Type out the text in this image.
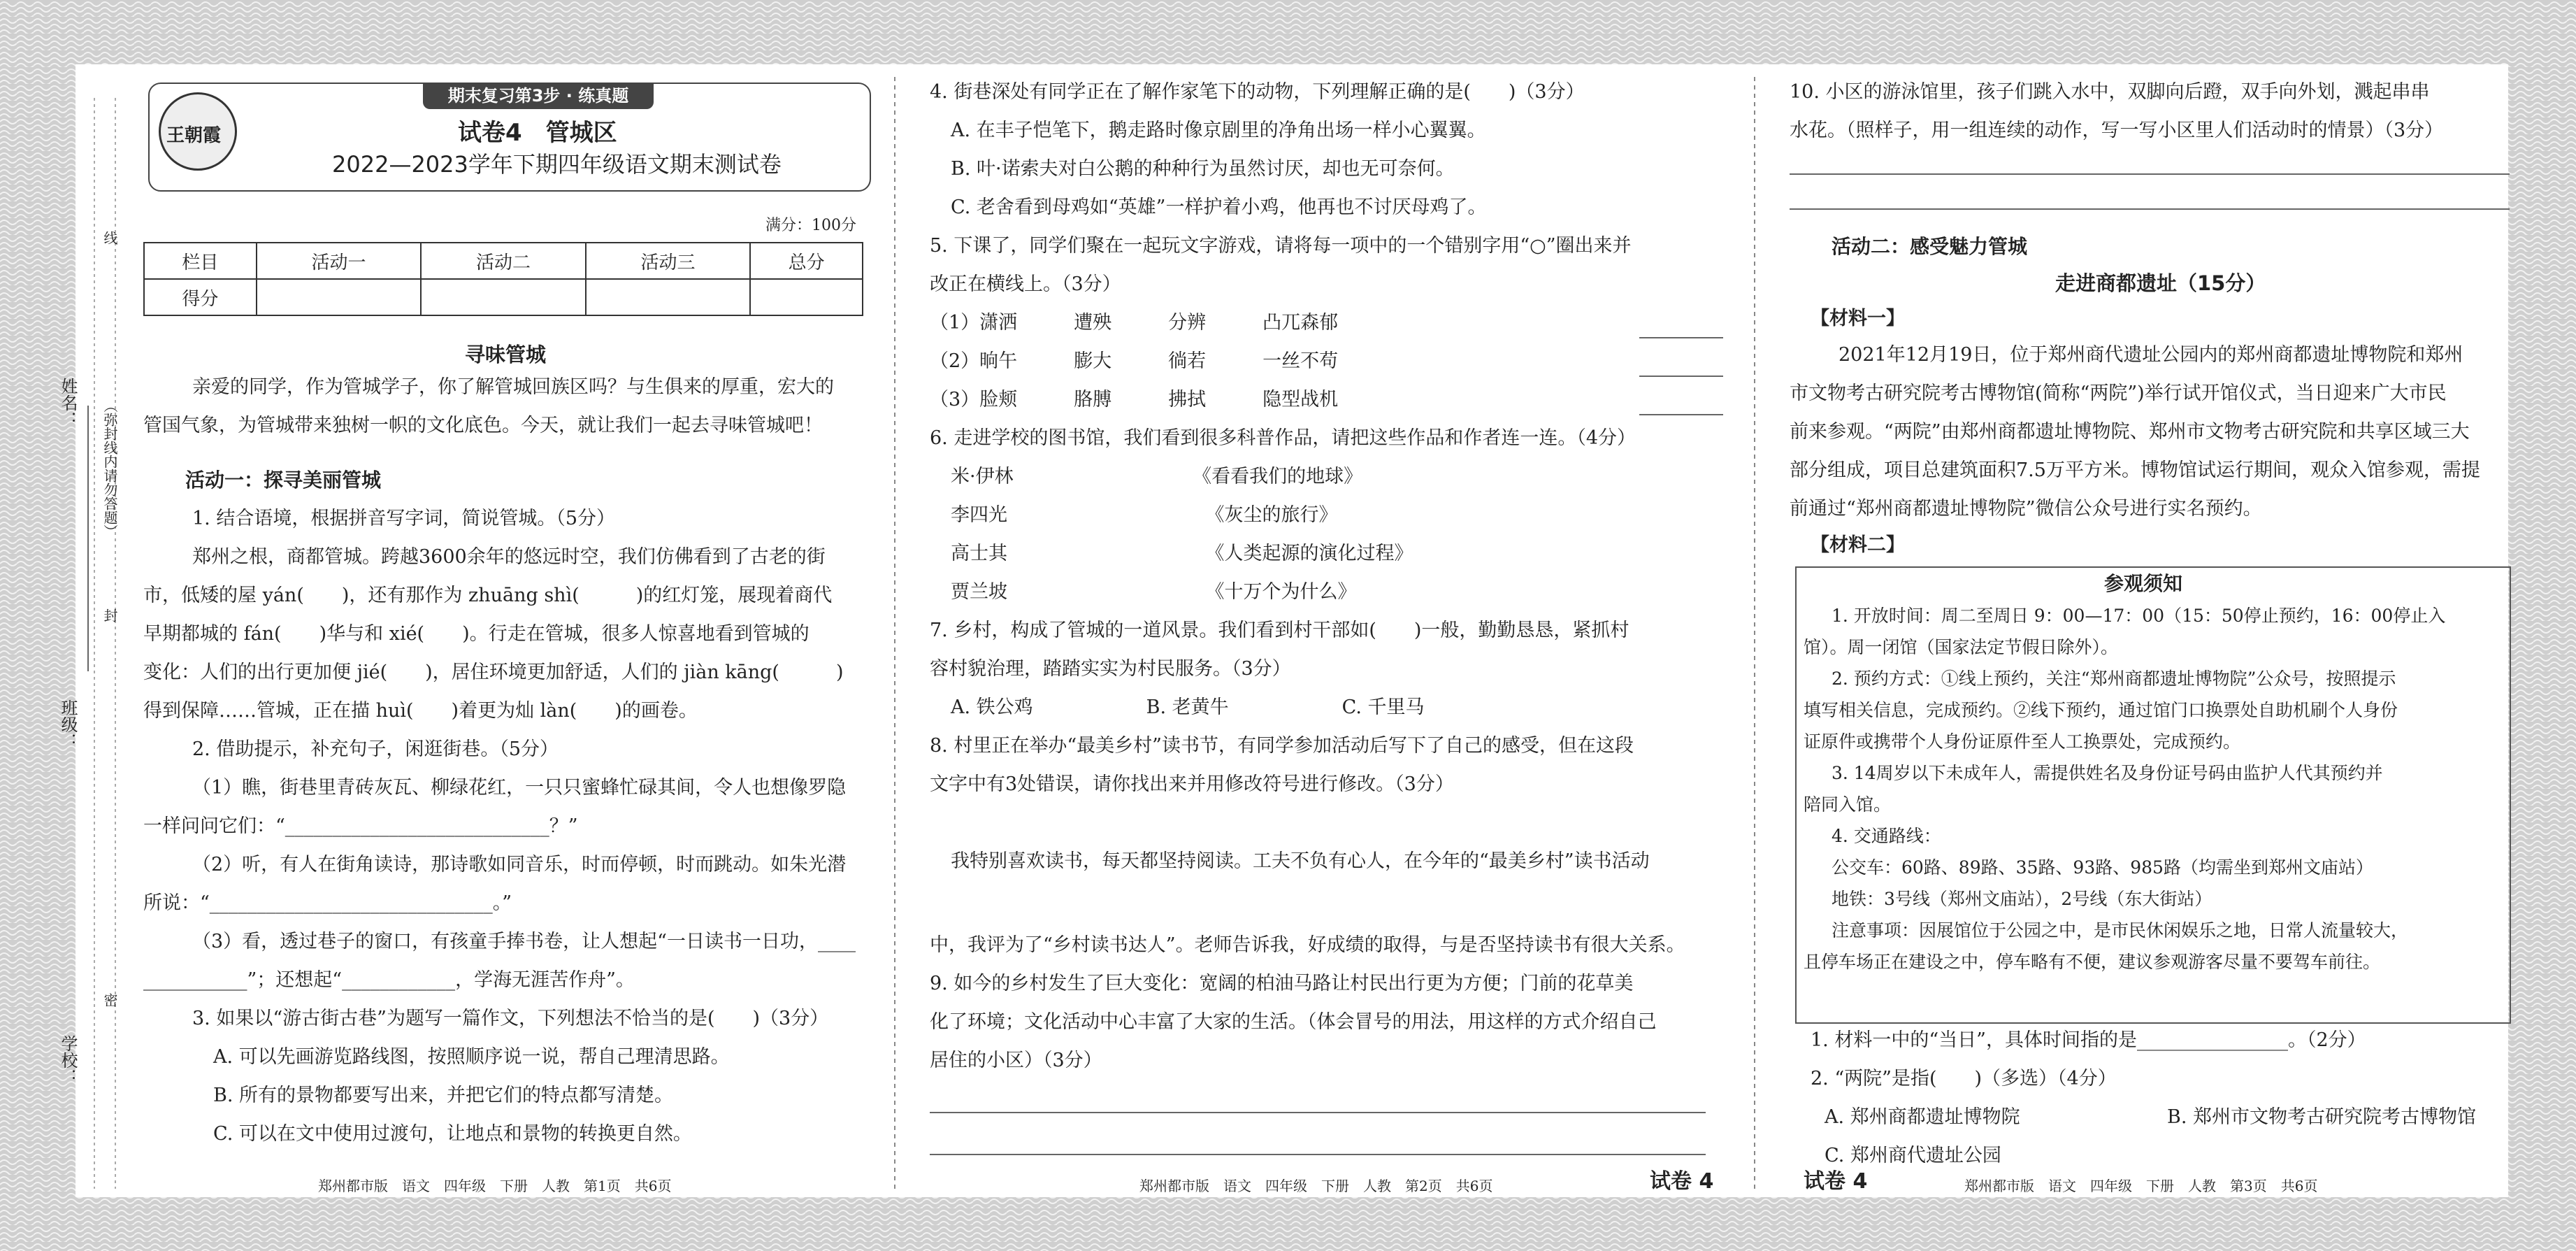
姓名：
班级：
学校：
线
（弥封线内请勿答题）
封
密
期末复习第3步 · 练真题
王朝霞	试卷4　管城区
2022—2023学年下期四年级语文期末测试卷
满分：100分
栏目	活动一	活动二	活动三	总分
得分				
寻味管城
亲爱的同学，作为管城学子，你了解管城回族区吗？与生俱来的厚重，宏大的
管国气象，为管城带来独树一帜的文化底色。今天，就让我们一起去寻味管城吧！
活动一：探寻美丽管城
1. 结合语境，根据拼音写字词，简说管城。（5分）
郑州之根，商都管城。跨越3600余年的悠远时空，我们仿佛看到了古老的街
市，低矮的屋 yán(　　)，还有那作为 zhuāng shì(　　　)的红灯笼，展现着商代
早期都城的 fán(　　)华与和 xié(　　)。行走在管城，很多人惊喜地看到管城的
变化：人们的出行更加便 jié(　　)，居住环境更加舒适，人们的 jiàn kāng(　　　)
得到保障……管城，正在描 huì(　　)着更为灿 làn(　　)的画卷。
2. 借助提示，补充句子，闲逛街巷。（5分）
（1）瞧，街巷里青砖灰瓦、柳绿花红，一只只蜜蜂忙碌其间，令人也想像罗隐
一样问问它们：“____________________________？”
（2）听，有人在街角读诗，那诗歌如同音乐，时而停顿，时而跳动。如朱光潜
所说：“______________________________。”
（3）看，透过巷子的窗口，有孩童手捧书卷，让人想起“一日读书一日功，____
___________”；还想起“____________，学海无涯苦作舟”。
3. 如果以“游古街古巷”为题写一篇作文，下列想法不恰当的是(　　)（3分）
A. 可以先画游览路线图，按照顺序说一说，帮自己理清思路。
B. 所有的景物都要写出来，并把它们的特点都写清楚。
C. 可以在文中使用过渡句，让地点和景物的转换更自然。
郑州都市版　语文　四年级　下册　人教　第1页　共6页
4. 街巷深处有同学正在了解作家笔下的动物，下列理解正确的是(　　)（3分）
A. 在丰子恺笔下，鹅走路时像京剧里的净角出场一样小心翼翼。
B. 叶·诺索夫对白公鹅的种种行为虽然讨厌，却也无可奈何。
C. 老舍看到母鸡如“英雄”一样护着小鸡，他再也不讨厌母鸡了。
5. 下课了，同学们聚在一起玩文字游戏，请将每一项中的一个错别字用“○”圈出来并
改正在横线上。（3分）
（1）潇洒　　　遭殃　　　分辨　　　凸兀森郁
（2）晌午　　　膨大　　　徜若　　　一丝不苟
（3）脸颊　　　胳膊　　　拂拭　　　隐型战机
6. 走进学校的图书馆，我们看到很多科普作品，请把这些作品和作者连一连。（4分）
米·伊林　　　　　　　　　　《看看我们的地球》
李四光　　　　　　　　　　　《灰尘的旅行》
高士其　　　　　　　　　　　《人类起源的演化过程》
贾兰坡　　　　　　　　　　　《十万个为什么》
7. 乡村，构成了管城的一道风景。我们看到村干部如(　　)一般，勤勤恳恳，紧抓村
容村貌治理，踏踏实实为村民服务。（3分）
A. 铁公鸡　　　　　　B. 老黄牛　　　　　　C. 千里马
8. 村里正在举办“最美乡村”读书节，有同学参加活动后写下了自己的感受，但在这段
文字中有3处错误，请你找出来并用修改符号进行修改。（3分）
我特别喜欢读书，每天都坚持阅读。工夫不负有心人，在今年的“最美乡村”读书活动
中，我评为了“乡村读书达人”。老师告诉我，好成绩的取得，与是否坚持读书有很大关系。
9. 如今的乡村发生了巨大变化：宽阔的柏油马路让村民出行更为方便；门前的花草美
化了环境；文化活动中心丰富了大家的生活。（体会冒号的用法，用这样的方式介绍自己
居住的小区）（3分）
郑州都市版　语文　四年级　下册　人教　第2页　共6页	试卷 4
10. 小区的游泳馆里，孩子们跳入水中，双脚向后蹬，双手向外划，溅起串串
水花。（照样子，用一组连续的动作，写一写小区里人们活动时的情景）（3分）
活动二：感受魅力管城
走进商都遗址（15分）
【材料一】
2021年12月19日，位于郑州商代遗址公园内的郑州商都遗址博物院和郑州
市文物考古研究院考古博物馆(简称“两院”)举行试开馆仪式，当日迎来广大市民
前来参观。“两院”由郑州商都遗址博物院、郑州市文物考古研究院和共享区域三大
部分组成，项目总建筑面积7.5万平方米。博物馆试运行期间，观众入馆参观，需提
前通过“郑州商都遗址博物院”微信公众号进行实名预约。
【材料二】
参观须知
1. 开放时间：周二至周日 9：00—17：00（15：50停止预约，16：00停止入
馆）。周一闭馆（国家法定节假日除外）。
2. 预约方式：①线上预约，关注“郑州商都遗址博物院”公众号，按照提示
填写相关信息，完成预约。②线下预约，通过馆门口换票处自助机刷个人身份
证原件或携带个人身份证原件至人工换票处，完成预约。
3. 14周岁以下未成年人，需提供姓名及身份证号码由监护人代其预约并
陪同入馆。
4. 交通路线：
公交车：60路、89路、35路、93路、985路（均需坐到郑州文庙站）
地铁：3号线（郑州文庙站），2号线（东大街站）
注意事项：因展馆位于公园之中，是市民休闲娱乐之地，日常人流量较大，
且停车场正在建设之中，停车略有不便，建议参观游客尽量不要驾车前往。
1. 材料一中的“当日”，具体时间指的是________________。（2分）
2. “两院”是指(　　)（多选）（4分）
A. 郑州商都遗址博物院	B. 郑州市文物考古研究院考古博物馆
C. 郑州商代遗址公园
试卷 4	郑州都市版　语文　四年级　下册　人教　第3页　共6页
